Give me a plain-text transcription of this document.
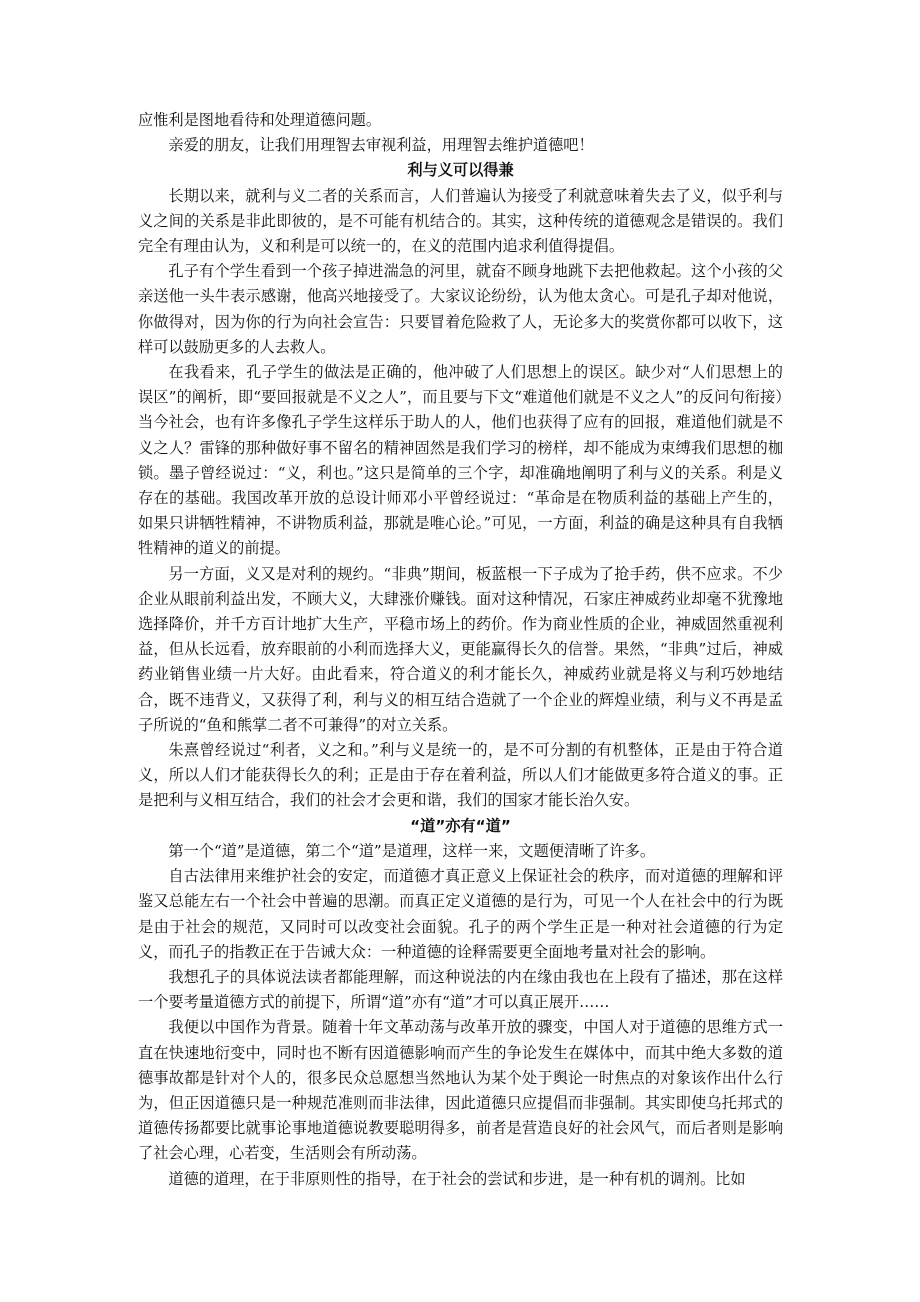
应惟利是图地看待和处理道德问题。

亲爱的朋友，让我们用理智去审视利益，用理智去维护道德吧！

利与义可以得兼

长期以来，就利与义二者的关系而言，人们普遍认为接受了利就意味着失去了义，似乎利与义之间的关系是非此即彼的，是不可能有机结合的。其实，这种传统的道德观念是错误的。我们完全有理由认为，义和利是可以统一的，在义的范围内追求利值得提倡。

孔子有个学生看到一个孩子掉进湍急的河里，就奋不顾身地跳下去把他救起。这个小孩的父亲送他一头牛表示感谢，他高兴地接受了。大家议论纷纷，认为他太贪心。可是孔子却对他说，你做得对，因为你的行为向社会宣告：只要冒着危险救了人，无论多大的奖赏你都可以收下，这样可以鼓励更多的人去救人。

在我看来，孔子学生的做法是正确的，他冲破了人们思想上的误区。缺少对“人们思想上的误区”的阐析，即“要回报就是不义之人”，而且要与下文“难道他们就是不义之人”的反问句衔接）当今社会，也有许多像孔子学生这样乐于助人的人，他们也获得了应有的回报，难道他们就是不义之人？雷锋的那种做好事不留名的精神固然是我们学习的榜样，却不能成为束缚我们思想的枷锁。墨子曾经说过：“义，利也。”这只是简单的三个字，却准确地阐明了利与义的关系。利是义存在的基础。我国改革开放的总设计师邓小平曾经说过：“革命是在物质利益的基础上产生的，如果只讲牺牲精神，不讲物质利益，那就是唯心论。”可见，一方面，利益的确是这种具有自我牺牲精神的道义的前提。

另一方面，义又是对利的规约。“非典”期间，板蓝根一下子成为了抢手药，供不应求。不少企业从眼前利益出发，不顾大义，大肆涨价赚钱。面对这种情况，石家庄神威药业却毫不犹豫地选择降价，并千方百计地扩大生产，平稳市场上的药价。作为商业性质的企业，神威固然重视利益，但从长远看，放弃眼前的小利而选择大义，更能赢得长久的信誉。果然，“非典”过后，神威药业销售业绩一片大好。由此看来，符合道义的利才能长久，神威药业就是将义与利巧妙地结合，既不违背义，又获得了利，利与义的相互结合造就了一个企业的辉煌业绩，利与义不再是孟子所说的“鱼和熊掌二者不可兼得”的对立关系。

朱熹曾经说过“利者，义之和。”利与义是统一的，是不可分割的有机整体，正是由于符合道义，所以人们才能获得长久的利；正是由于存在着利益，所以人们才能做更多符合道义的事。正是把利与义相互结合，我们的社会才会更和谐，我们的国家才能长治久安。

“道”亦有“道”

第一个“道”是道德，第二个“道”是道理，这样一来，文题便清晰了许多。

自古法律用来维护社会的安定，而道德才真正意义上保证社会的秩序，而对道德的理解和评鉴又总能左右一个社会中普遍的思潮。而真正定义道德的是行为，可见一个人在社会中的行为既是由于社会的规范，又同时可以改变社会面貌。孔子的两个学生正是一种对社会道德的行为定义，而孔子的指教正在于告诫大众：一种道德的诠释需要更全面地考量对社会的影响。

我想孔子的具体说法读者都能理解，而这种说法的内在缘由我也在上段有了描述，那在这样一个要考量道德方式的前提下，所谓“道”亦有“道”才可以真正展开……

我便以中国作为背景。随着十年文革动荡与改革开放的骤变，中国人对于道德的思维方式一直在快速地衍变中，同时也不断有因道德影响而产生的争论发生在媒体中，而其中绝大多数的道德事故都是针对个人的，很多民众总愿想当然地认为某个处于舆论一时焦点的对象该作出什么行为，但正因道德只是一种规范准则而非法律，因此道德只应提倡而非强制。其实即使乌托邦式的道德传扬都要比就事论事地道德说教要聪明得多，前者是营造良好的社会风气，而后者则是影响了社会心理，心若变，生活则会有所动荡。

道德的道理，在于非原则性的指导，在于社会的尝试和步进，是一种有机的调剂。比如
